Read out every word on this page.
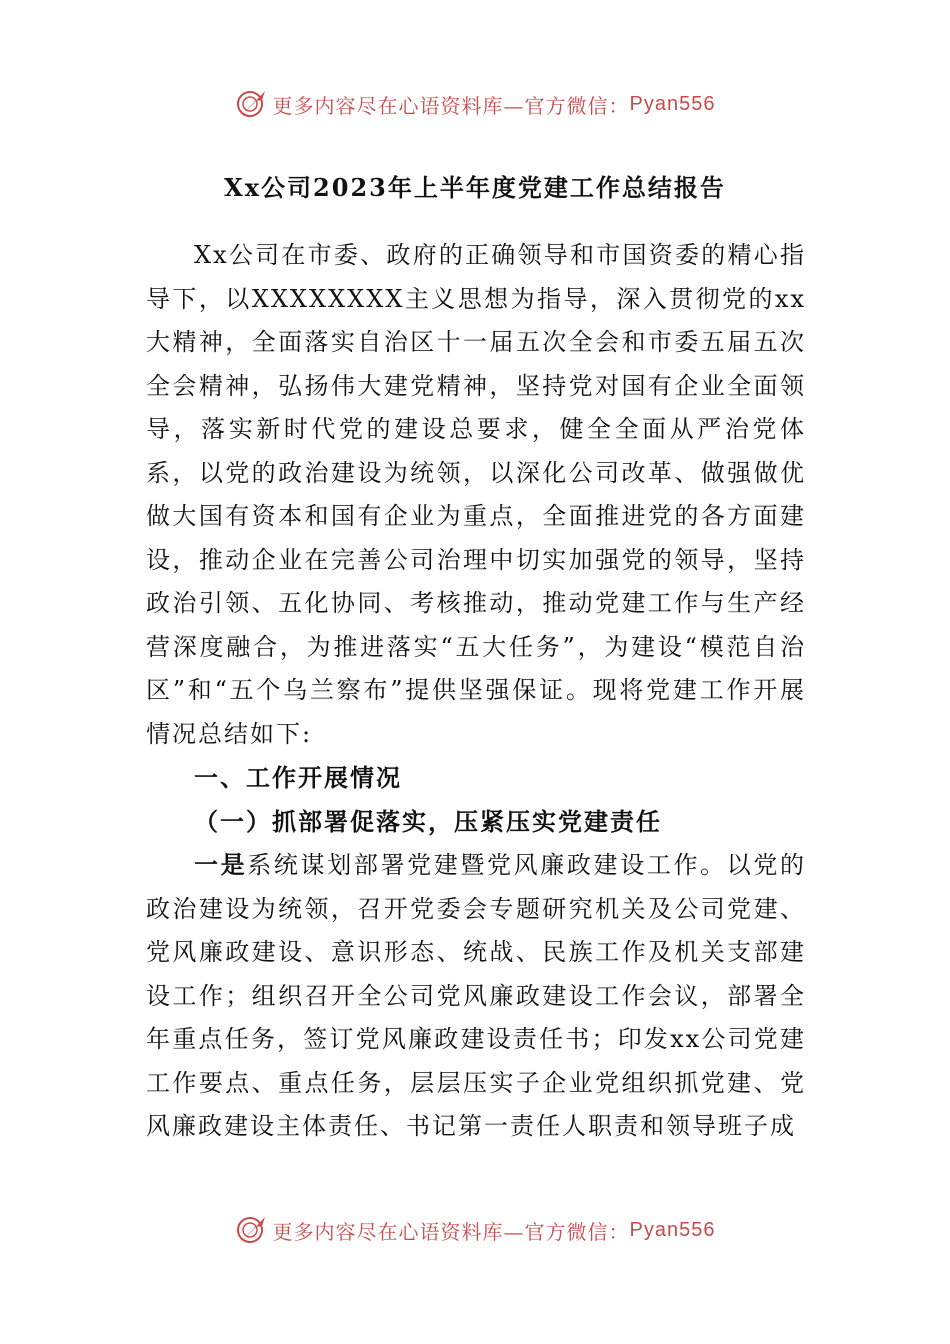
更多内容尽在心语资料库—官方微信： Pyan556
Xx公司2023年上半年度党建工作总结报告

Xx公司在市委、政府的正确领导和市国资委的精心指导下，以XXXXXXXX主义思想为指导，深入贯彻党的xx大精神，全面落实自治区十一届五次全会和市委五届五次全会精神，弘扬伟大建党精神，坚持党对国有企业全面领导，落实新时代党的建设总要求，健全全面从严治党体系，以党的政治建设为统领，以深化公司改革、做强做优做大国有资本和国有企业为重点，全面推进党的各方面建设，推动企业在完善公司治理中切实加强党的领导，坚持政治引领、五化协同、考核推动，推动党建工作与生产经营深度融合，为推进落实“五大任务”，为建设“模范自治区”和“五个乌兰察布”提供坚强保证。现将党建工作开展情况总结如下:

一、工作开展情况

（一）抓部署促落实，压紧压实党建责任

一是系统谋划部署党建暨党风廉政建设工作。以党的政治建设为统领，召开党委会专题研究机关及公司党建、党风廉政建设、意识形态、统战、民族工作及机关支部建设工作；组织召开全公司党风廉政建设工作会议，部署全年重点任务，签订党风廉政建设责任书；印发xx公司党建工作要点、重点任务，层层压实子企业党组织抓党建、党风廉政建设主体责任、书记第一责任人职责和领导班子成

更多内容尽在心语资料库—官方微信： Pyan556
